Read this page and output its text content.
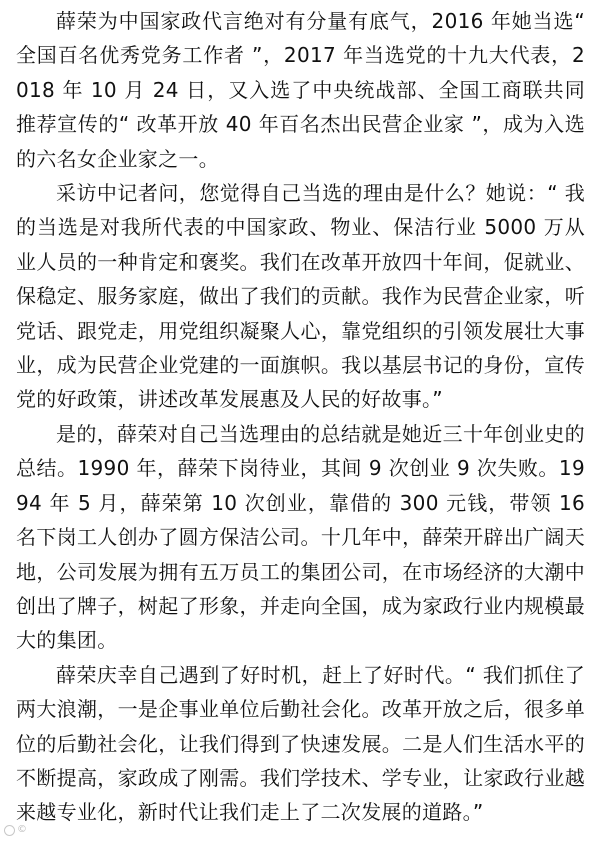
薛荣为中国家政代言绝对有分量有底气，2016 年她当选“ 全国百名优秀党务工作者 ”，2017 年当选党的十九大代表，2018 年 10 月 24 日，又入选了中央统战部、全国工商联共同推荐宣传的“ 改革开放 40 年百名杰出民营企业家 ”，成为入选的六名女企业家之一。

采访中记者问，您觉得自己当选的理由是什么？她说：“ 我的当选是对我所代表的中国家政、物业、保洁行业 5000 万从业人员的一种肯定和褒奖。我们在改革开放四十年间，促就业、保稳定、服务家庭，做出了我们的贡献。我作为民营企业家，听党话、跟党走，用党组织凝聚人心，靠党组织的引领发展壮大事业，成为民营企业党建的一面旗帜。我以基层书记的身份，宣传党的好政策，讲述改革发展惠及人民的好故事。”

是的，薛荣对自己当选理由的总结就是她近三十年创业史的总结。1990 年，薛荣下岗待业，其间 9 次创业 9 次失败。1994 年 5 月，薛荣第 10 次创业，靠借的 300 元钱，带领 16 名下岗工人创办了圆方保洁公司。十几年中，薛荣开辟出广阔天地，公司发展为拥有五万员工的集团公司，在市场经济的大潮中创出了牌子，树起了形象，并走向全国，成为家政行业内规模最大的集团。

薛荣庆幸自己遇到了好时机，赶上了好时代。“ 我们抓住了两大浪潮，一是企事业单位后勤社会化。改革开放之后，很多单位的后勤社会化，让我们得到了快速发展。二是人们生活水平的不断提高，家政成了刚需。我们学技术、学专业，让家政行业越来越专业化，新时代让我们走上了二次发展的道路。”

©
